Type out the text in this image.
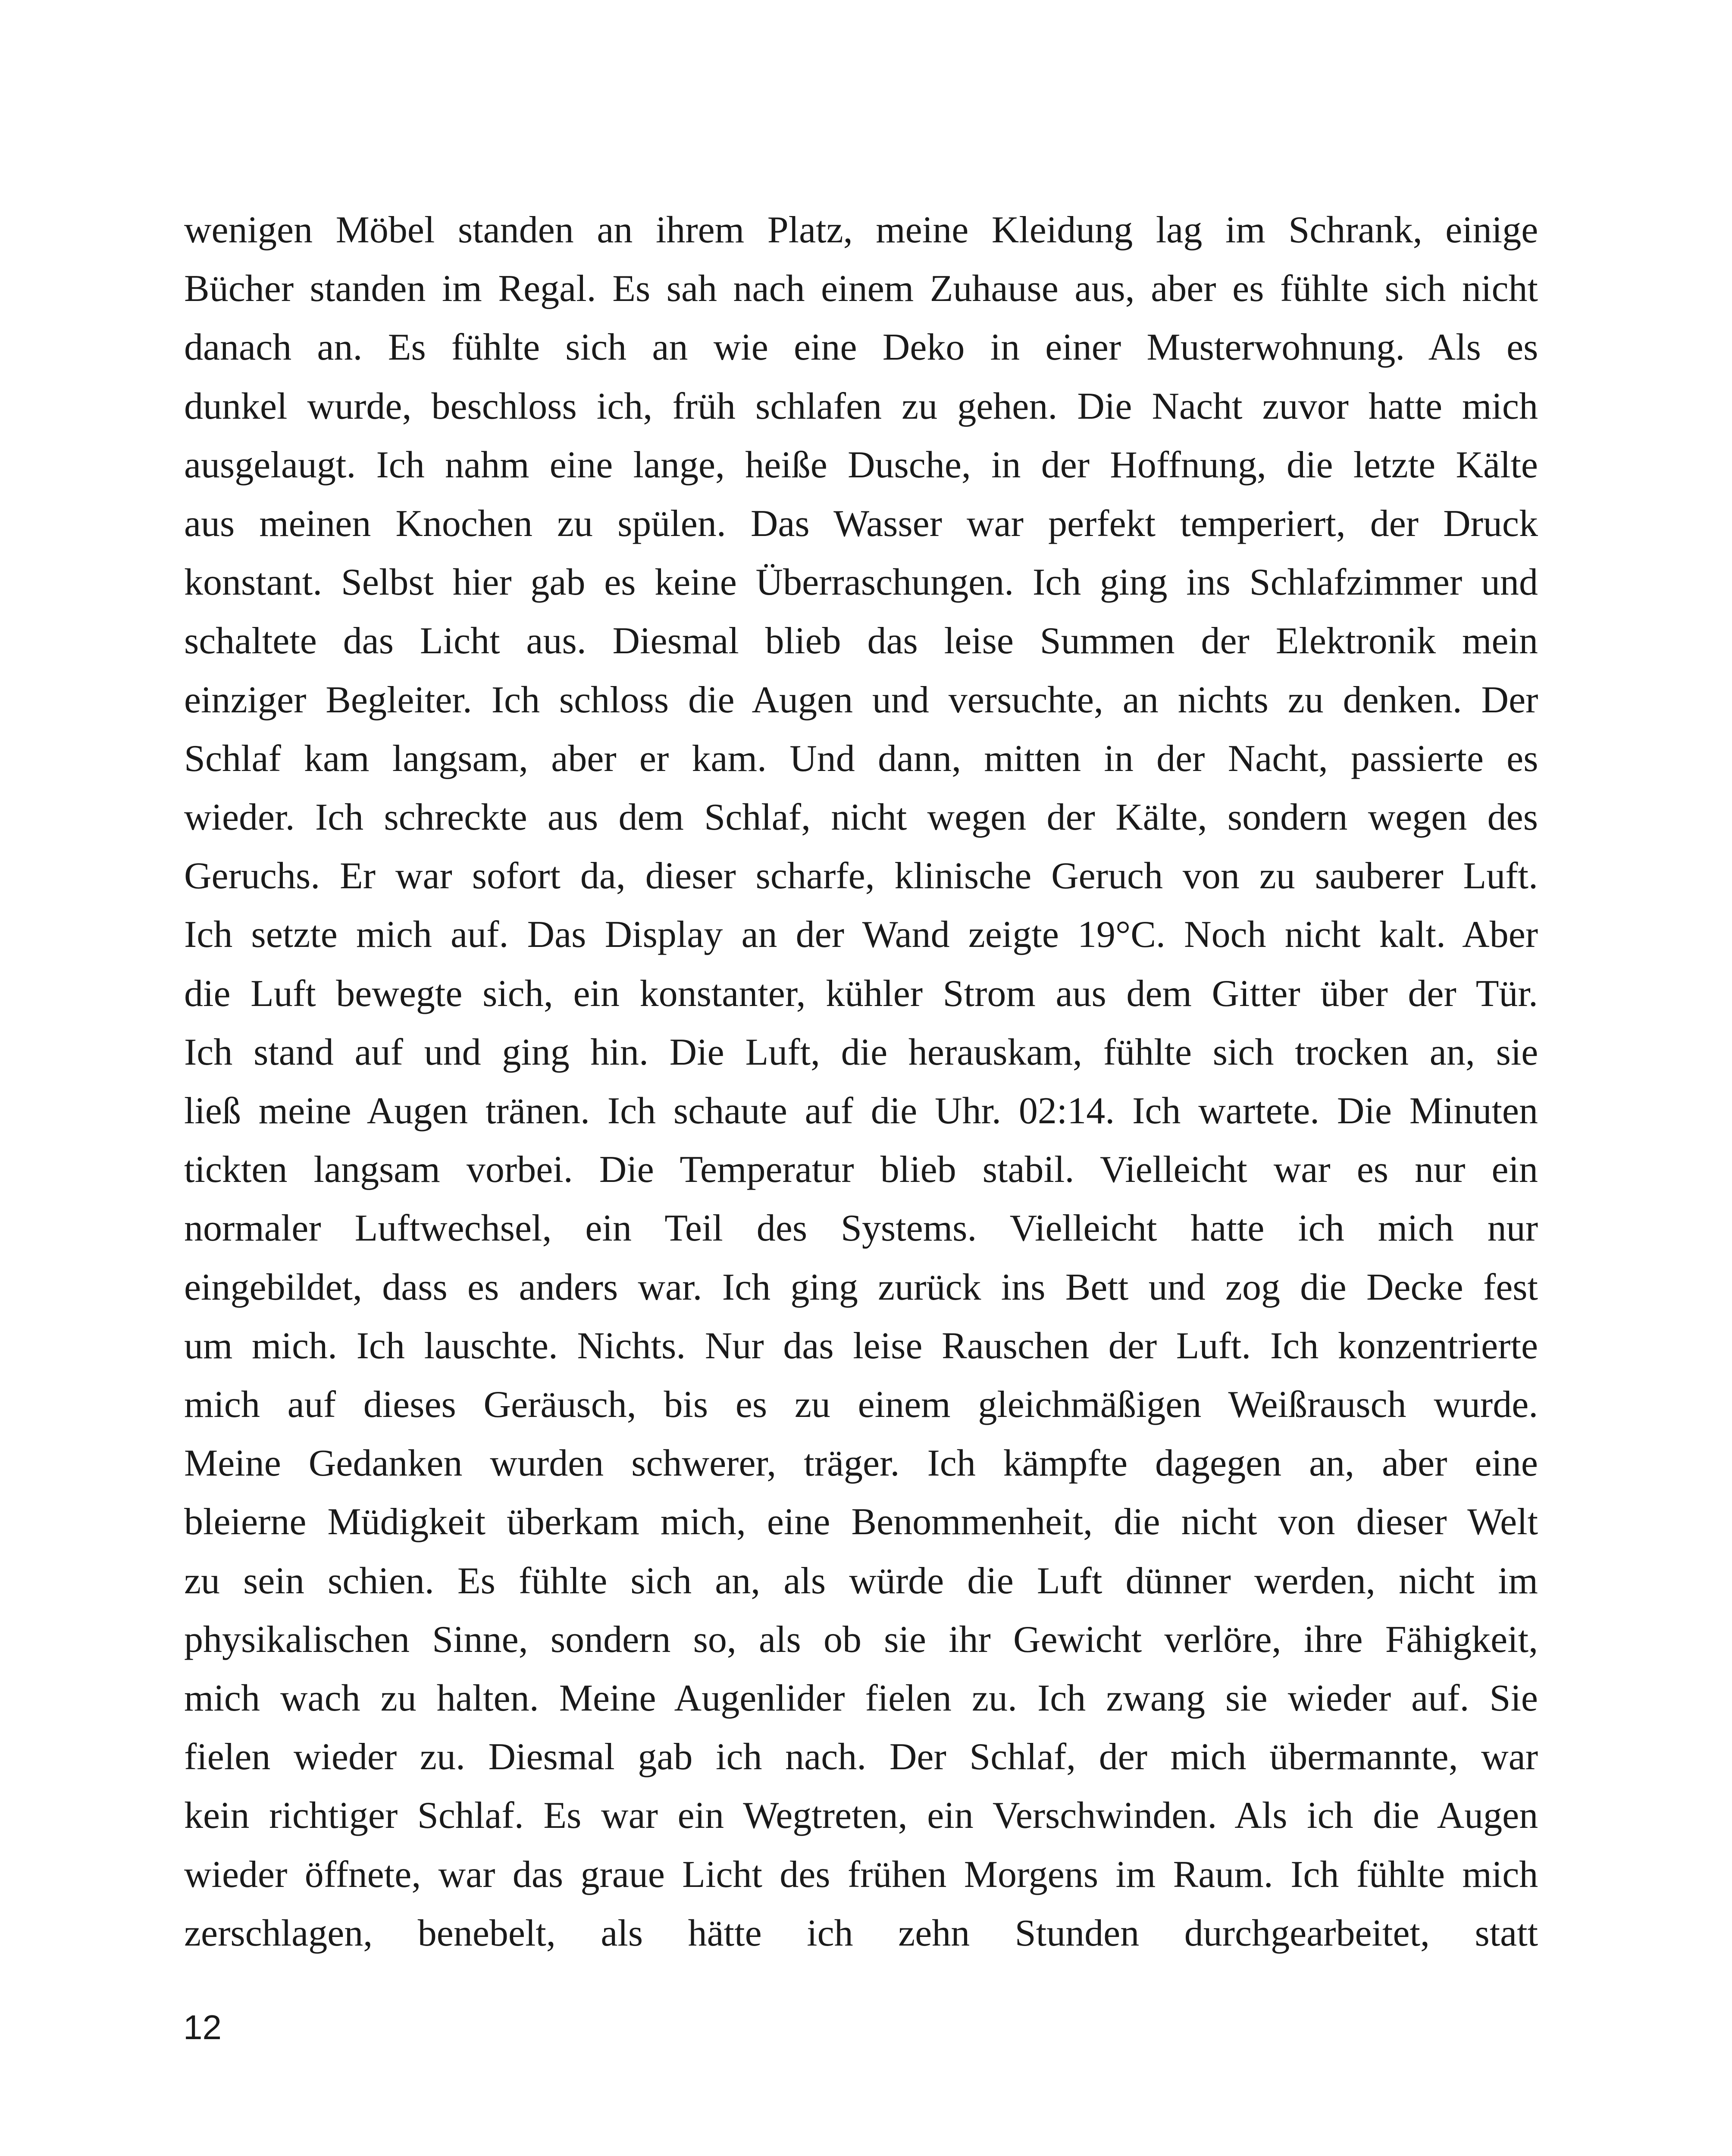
wenigen Möbel standen an ihrem Platz, meine Kleidung lag im Schrank, einige
Bücher standen im Regal. Es sah nach einem Zuhause aus, aber es fühlte sich nicht
danach an. Es fühlte sich an wie eine Deko in einer Musterwohnung. Als es
dunkel wurde, beschloss ich, früh schlafen zu gehen. Die Nacht zuvor hatte mich
ausgelaugt. Ich nahm eine lange, heiße Dusche, in der Hoffnung, die letzte Kälte
aus meinen Knochen zu spülen. Das Wasser war perfekt temperiert, der Druck
konstant. Selbst hier gab es keine Überraschungen. Ich ging ins Schlafzimmer und
schaltete das Licht aus. Diesmal blieb das leise Summen der Elektronik mein
einziger Begleiter. Ich schloss die Augen und versuchte, an nichts zu denken. Der
Schlaf kam langsam, aber er kam. Und dann, mitten in der Nacht, passierte es
wieder. Ich schreckte aus dem Schlaf, nicht wegen der Kälte, sondern wegen des
Geruchs. Er war sofort da, dieser scharfe, klinische Geruch von zu sauberer Luft.
Ich setzte mich auf. Das Display an der Wand zeigte 19°C. Noch nicht kalt. Aber
die Luft bewegte sich, ein konstanter, kühler Strom aus dem Gitter über der Tür.
Ich stand auf und ging hin. Die Luft, die herauskam, fühlte sich trocken an, sie
ließ meine Augen tränen. Ich schaute auf die Uhr. 02:14. Ich wartete. Die Minuten
tickten langsam vorbei. Die Temperatur blieb stabil. Vielleicht war es nur ein
normaler Luftwechsel, ein Teil des Systems. Vielleicht hatte ich mich nur
eingebildet, dass es anders war. Ich ging zurück ins Bett und zog die Decke fest
um mich. Ich lauschte. Nichts. Nur das leise Rauschen der Luft. Ich konzentrierte
mich auf dieses Geräusch, bis es zu einem gleichmäßigen Weißrausch wurde.
Meine Gedanken wurden schwerer, träger. Ich kämpfte dagegen an, aber eine
bleierne Müdigkeit überkam mich, eine Benommenheit, die nicht von dieser Welt
zu sein schien. Es fühlte sich an, als würde die Luft dünner werden, nicht im
physikalischen Sinne, sondern so, als ob sie ihr Gewicht verlöre, ihre Fähigkeit,
mich wach zu halten. Meine Augenlider fielen zu. Ich zwang sie wieder auf. Sie
fielen wieder zu. Diesmal gab ich nach. Der Schlaf, der mich übermannte, war
kein richtiger Schlaf. Es war ein Wegtreten, ein Verschwinden. Als ich die Augen
wieder öffnete, war das graue Licht des frühen Morgens im Raum. Ich fühlte mich
zerschlagen, benebelt, als hätte ich zehn Stunden durchgearbeitet, statt
12
